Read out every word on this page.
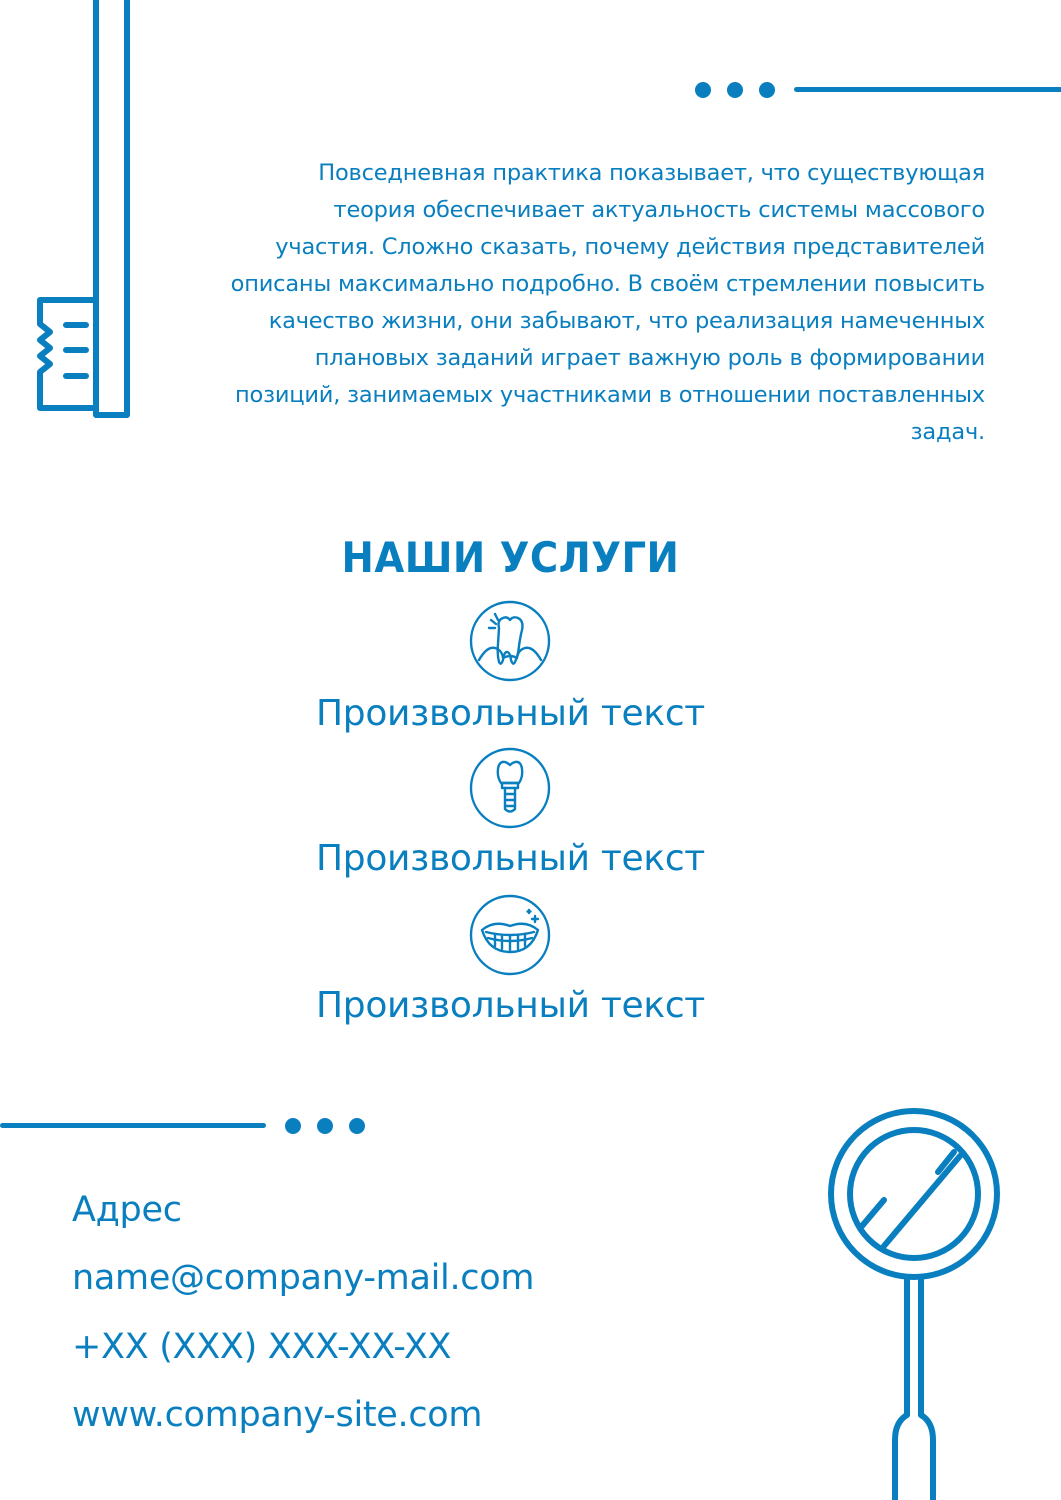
Повседневная практика показывает, что существующая теория обеспечивает актуальность системы массового участия. Сложно сказать, почему действия представителей описаны максимально подробно. В своём стремлении повысить качество жизни, они забывают, что реализация намеченных плановых заданий играет важную роль в формировании позиций, занимаемых участниками в отношении поставленных задач.
НАШИ УСЛУГИ
Произвольный текст
Произвольный текст
Произвольный текст
Адрес
name@company-mail.com
+XX (XXX) XXX-XX-XX
www.company-site.com
